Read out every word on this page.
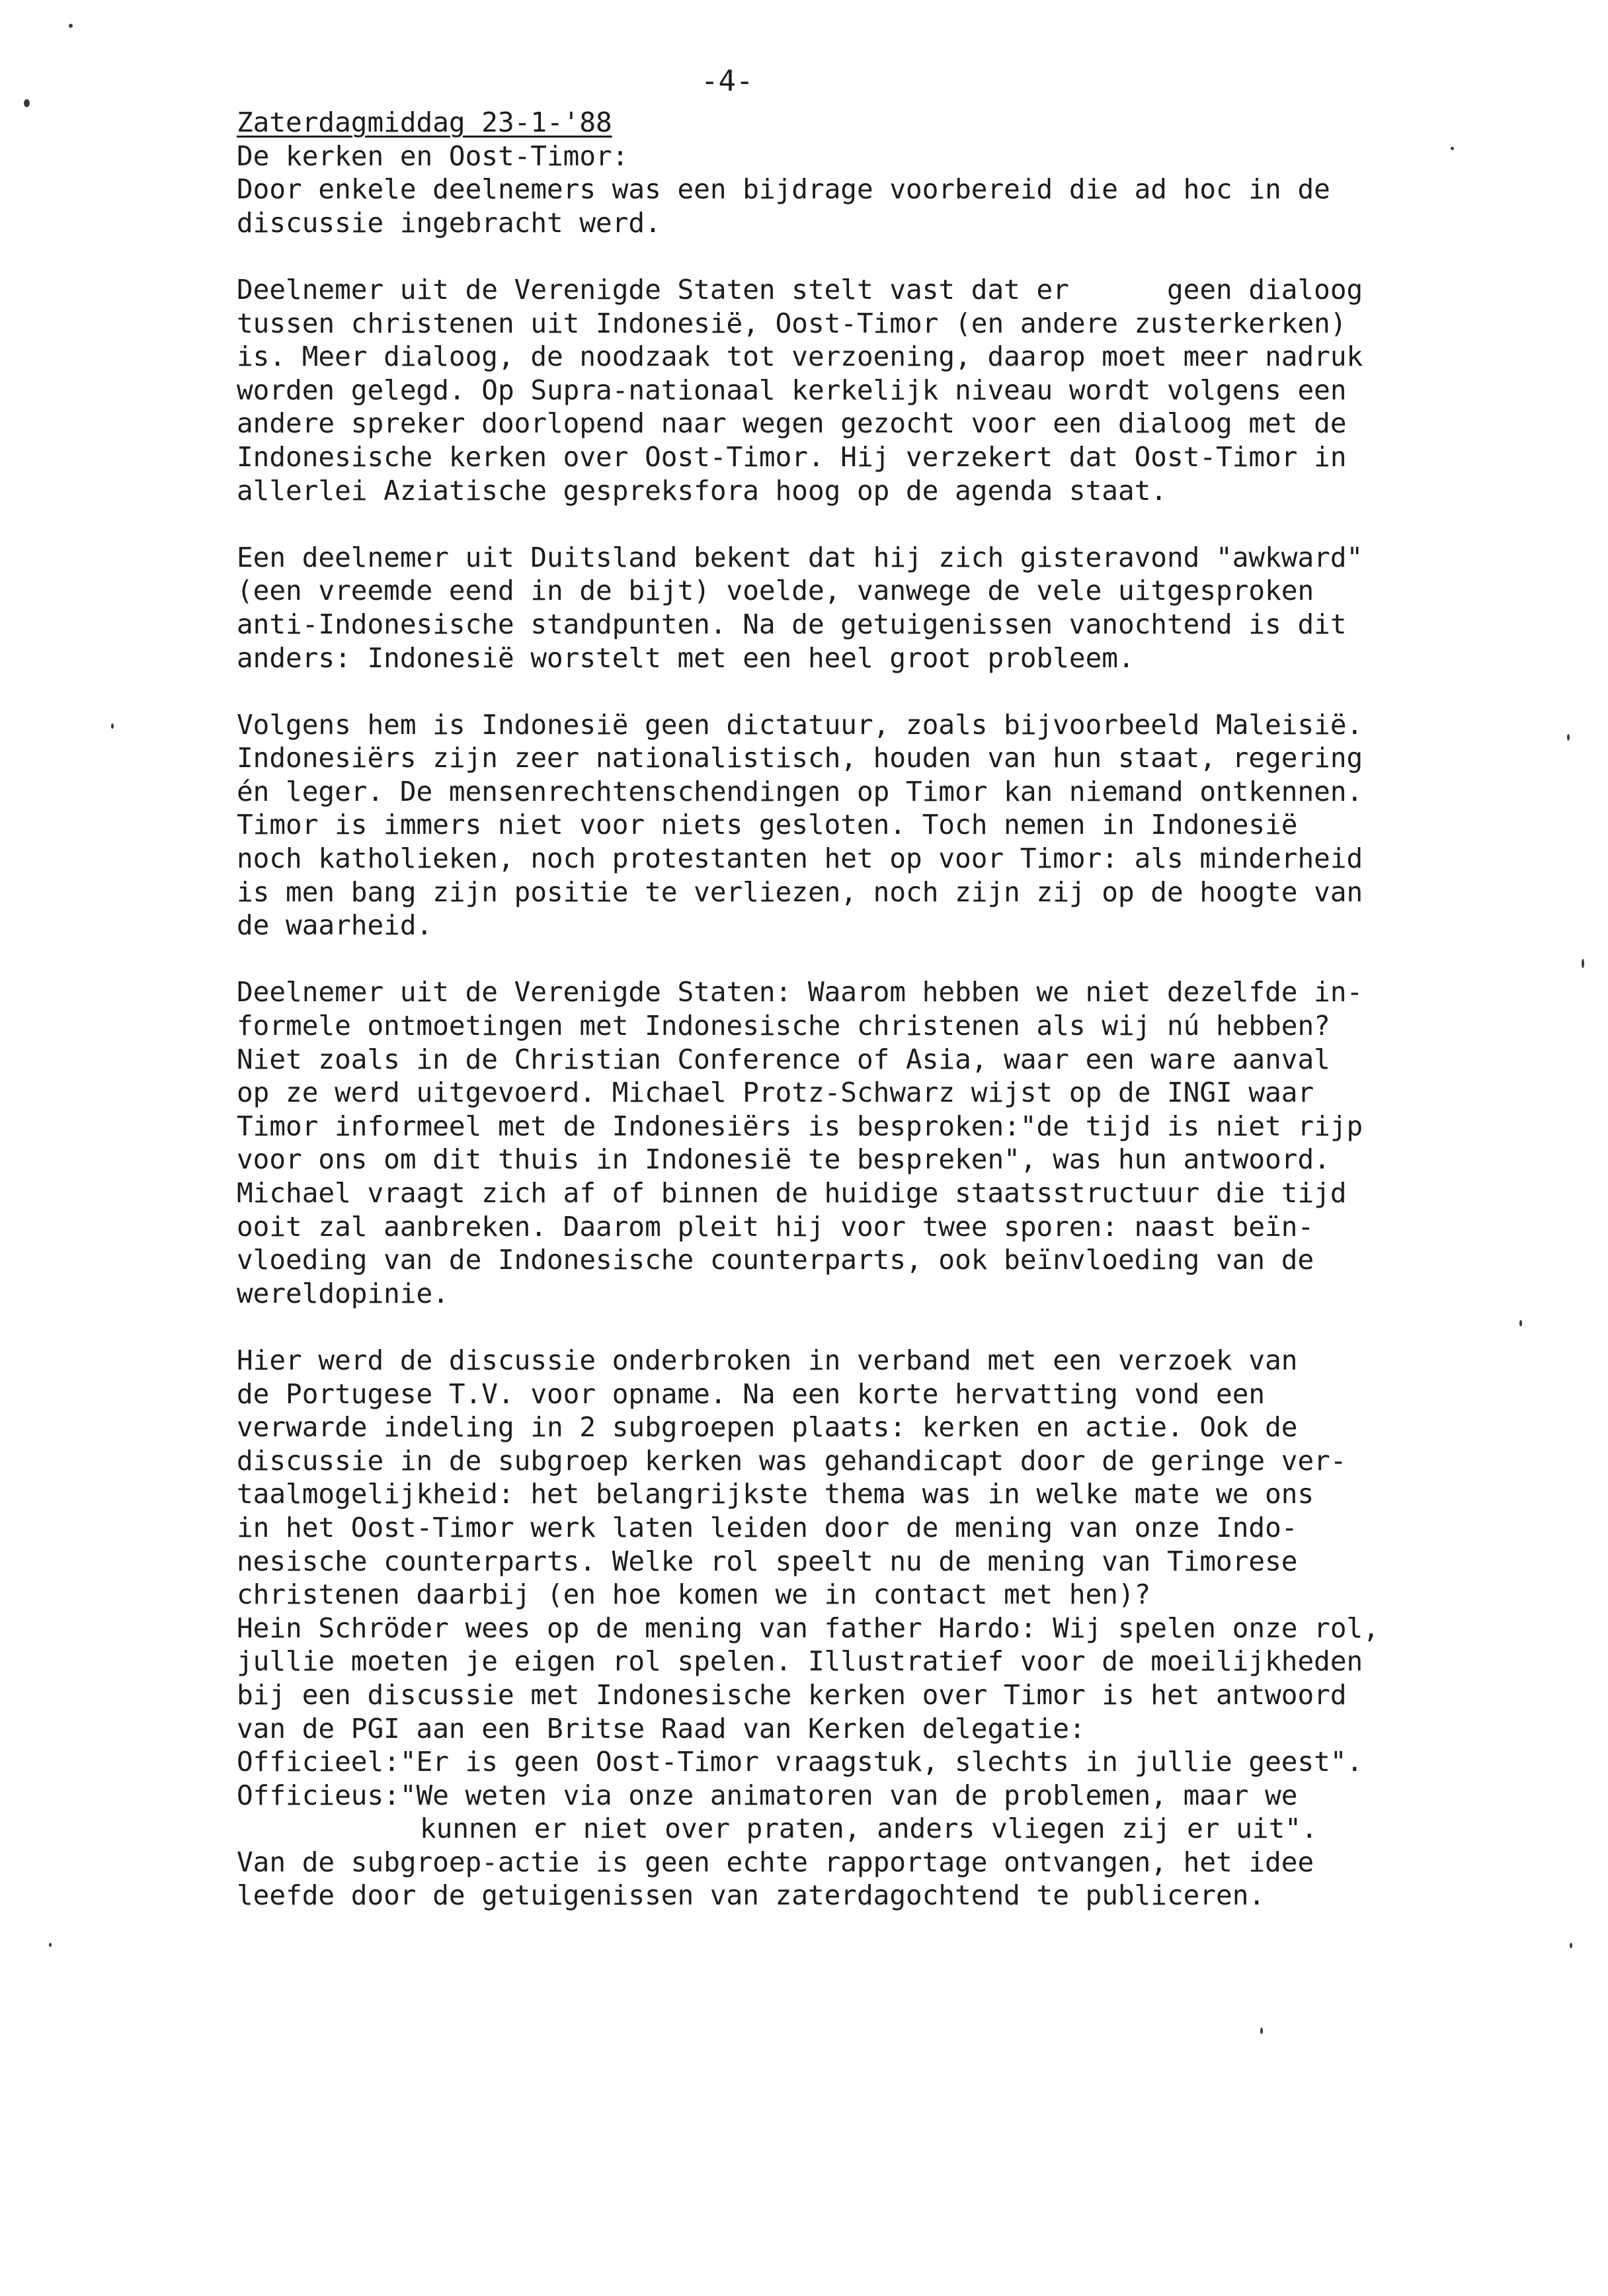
-4-
Zaterdagmiddag 23-1-'88
De kerken en Oost-Timor:
Door enkele deelnemers was een bijdrage voorbereid die ad hoc in de
discussie ingebracht werd.
Deelnemer uit de Verenigde Staten stelt vast dat er      geen dialoog
tussen christenen uit Indonesië, Oost-Timor (en andere zusterkerken)
is. Meer dialoog, de noodzaak tot verzoening, daarop moet meer nadruk
worden gelegd. Op Supra-nationaal kerkelijk niveau wordt volgens een
andere spreker doorlopend naar wegen gezocht voor een dialoog met de
Indonesische kerken over Oost-Timor. Hij verzekert dat Oost-Timor in
allerlei Aziatische gespreksfora hoog op de agenda staat.
Een deelnemer uit Duitsland bekent dat hij zich gisteravond "awkward"
(een vreemde eend in de bijt) voelde, vanwege de vele uitgesproken
anti-Indonesische standpunten. Na de getuigenissen vanochtend is dit
anders: Indonesië worstelt met een heel groot probleem.
Volgens hem is Indonesië geen dictatuur, zoals bijvoorbeeld Maleisië.
Indonesiërs zijn zeer nationalistisch, houden van hun staat, regering
én leger. De mensenrechtenschendingen op Timor kan niemand ontkennen.
Timor is immers niet voor niets gesloten. Toch nemen in Indonesië
noch katholieken, noch protestanten het op voor Timor: als minderheid
is men bang zijn positie te verliezen, noch zijn zij op de hoogte van
de waarheid.
Deelnemer uit de Verenigde Staten: Waarom hebben we niet dezelfde in-
formele ontmoetingen met Indonesische christenen als wij nú hebben?
Niet zoals in de Christian Conference of Asia, waar een ware aanval
op ze werd uitgevoerd. Michael Protz-Schwarz wijst op de INGI waar
Timor informeel met de Indonesiërs is besproken:"de tijd is niet rijp
voor ons om dit thuis in Indonesië te bespreken", was hun antwoord.
Michael vraagt zich af of binnen de huidige staatsstructuur die tijd
ooit zal aanbreken. Daarom pleit hij voor twee sporen: naast beïn-
vloeding van de Indonesische counterparts, ook beïnvloeding van de
wereldopinie.
Hier werd de discussie onderbroken in verband met een verzoek van
de Portugese T.V. voor opname. Na een korte hervatting vond een
verwarde indeling in 2 subgroepen plaats: kerken en actie. Ook de
discussie in de subgroep kerken was gehandicapt door de geringe ver-
taalmogelijkheid: het belangrijkste thema was in welke mate we ons
in het Oost-Timor werk laten leiden door de mening van onze Indo-
nesische counterparts. Welke rol speelt nu de mening van Timorese
christenen daarbij (en hoe komen we in contact met hen)?
Hein Schröder wees op de mening van father Hardo: Wij spelen onze rol,
jullie moeten je eigen rol spelen. Illustratief voor de moeilijkheden
bij een discussie met Indonesische kerken over Timor is het antwoord
van de PGI aan een Britse Raad van Kerken delegatie:
Officieel:"Er is geen Oost-Timor vraagstuk, slechts in jullie geest".
Officieus:"We weten via onze animatoren van de problemen, maar we
kunnen er niet over praten, anders vliegen zij er uit".
Van de subgroep-actie is geen echte rapportage ontvangen, het idee
leefde door de getuigenissen van zaterdagochtend te publiceren.
